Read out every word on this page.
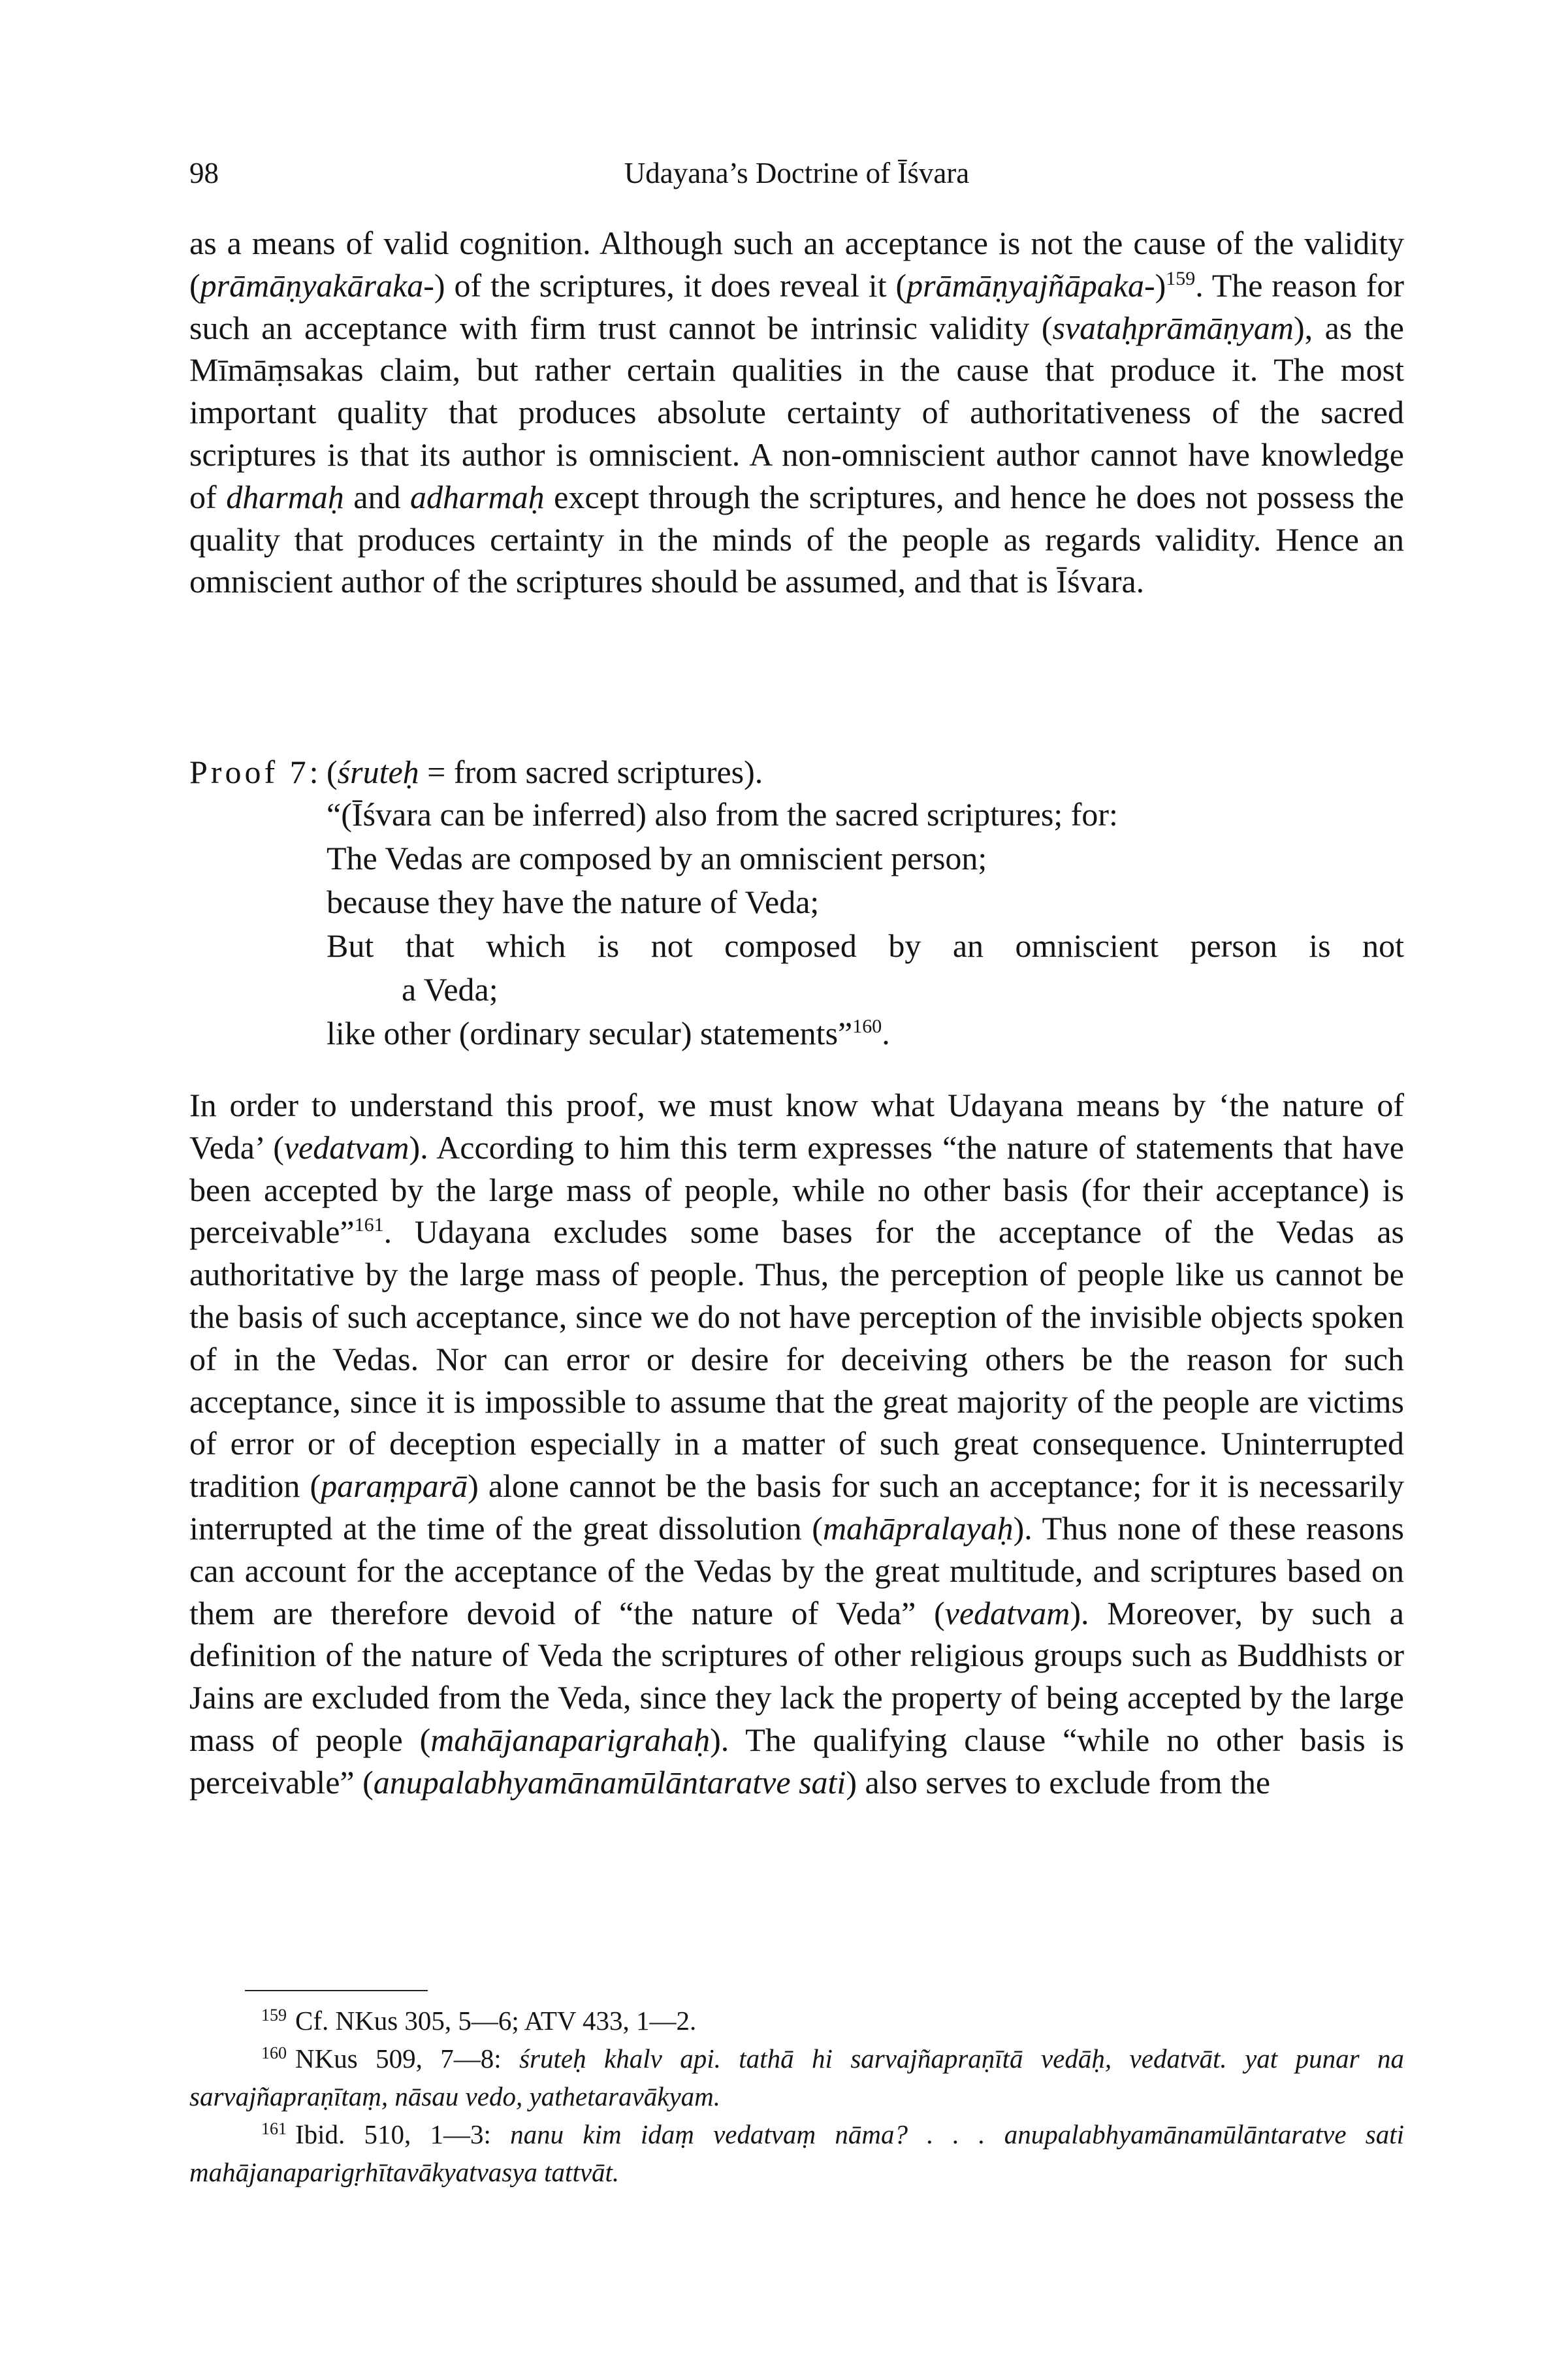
98	Udayana’s Doctrine of Īśvara

as a means of valid cognition. Although such an acceptance is not the cause of the validity (prāmāṇyakāraka-) of the scriptures, it does reveal it (prāmāṇyajñāpaka-)$^{159}$. The reason for such an acceptance with firm trust cannot be intrinsic validity (svataḥprāmāṇyam), as the Mīmāṃsakas claim, but rather certain qualities in the cause that produce it. The most important quality that produces absolute certainty of authoritativeness of the sacred scriptures is that its author is omniscient. A non-omniscient author cannot have knowledge of dharmaḥ and adharmaḥ except through the scriptures, and hence he does not possess the quality that produces certainty in the minds of the people as regards validity. Hence an omniscient author of the scriptures should be assumed, and that is Īśvara.

Proof 7: (śruteḥ = from sacred scriptures).

“(Īśvara can be inferred) also from the sacred scriptures; for:

The Vedas are composed by an omniscient person;

because they have the nature of Veda;

But that which is not composed by an omniscient person is not

a Veda;

like other (ordinary secular) statements”$^{160}$.

In order to understand this proof, we must know what Udayana means by ‘the nature of Veda’ (vedatvam). According to him this term expresses “the nature of statements that have been accepted by the large mass of people, while no other basis (for their acceptance) is perceivable”$^{161}$. Udayana excludes some bases for the acceptance of the Vedas as authoritative by the large mass of people. Thus, the perception of people like us cannot be the basis of such acceptance, since we do not have perception of the invisible objects spoken of in the Vedas. Nor can error or desire for deceiving others be the reason for such acceptance, since it is impossible to assume that the great majority of the people are victims of error or of deception especially in a matter of such great consequence. Uninterrupted tradition (paraṃparā) alone cannot be the basis for such an acceptance; for it is necessarily interrupted at the time of the great dissolution (mahāpralayaḥ). Thus none of these reasons can account for the acceptance of the Vedas by the great multitude, and scriptures based on them are therefore devoid of “the nature of Veda” (vedatvam). Moreover, by such a definition of the nature of Veda the scriptures of other religious groups such as Buddhists or Jains are excluded from the Veda, since they lack the property of being accepted by the large mass of people (mahājanaparigrahaḥ). The qualifying clause “while no other basis is perceivable” (anupalabhyamānamūlāntaratve sati) also serves to exclude from the

$^{159}$ Cf. NKus 305, 5—6; ATV 433, 1—2.

$^{160}$ NKus 509, 7—8: śruteḥ khalv api. tathā hi sarvajñapraṇītā vedāḥ, vedatvāt. yat punar na sarvajñapraṇītaṃ, nāsau vedo, yathetaravākyam.

$^{161}$ Ibid. 510, 1—3: nanu kim idaṃ vedatvaṃ nāma? . . . anupalabhyamānamūlāntaratve sati mahājanaparigṛhītavākyatvasya tattvāt.
